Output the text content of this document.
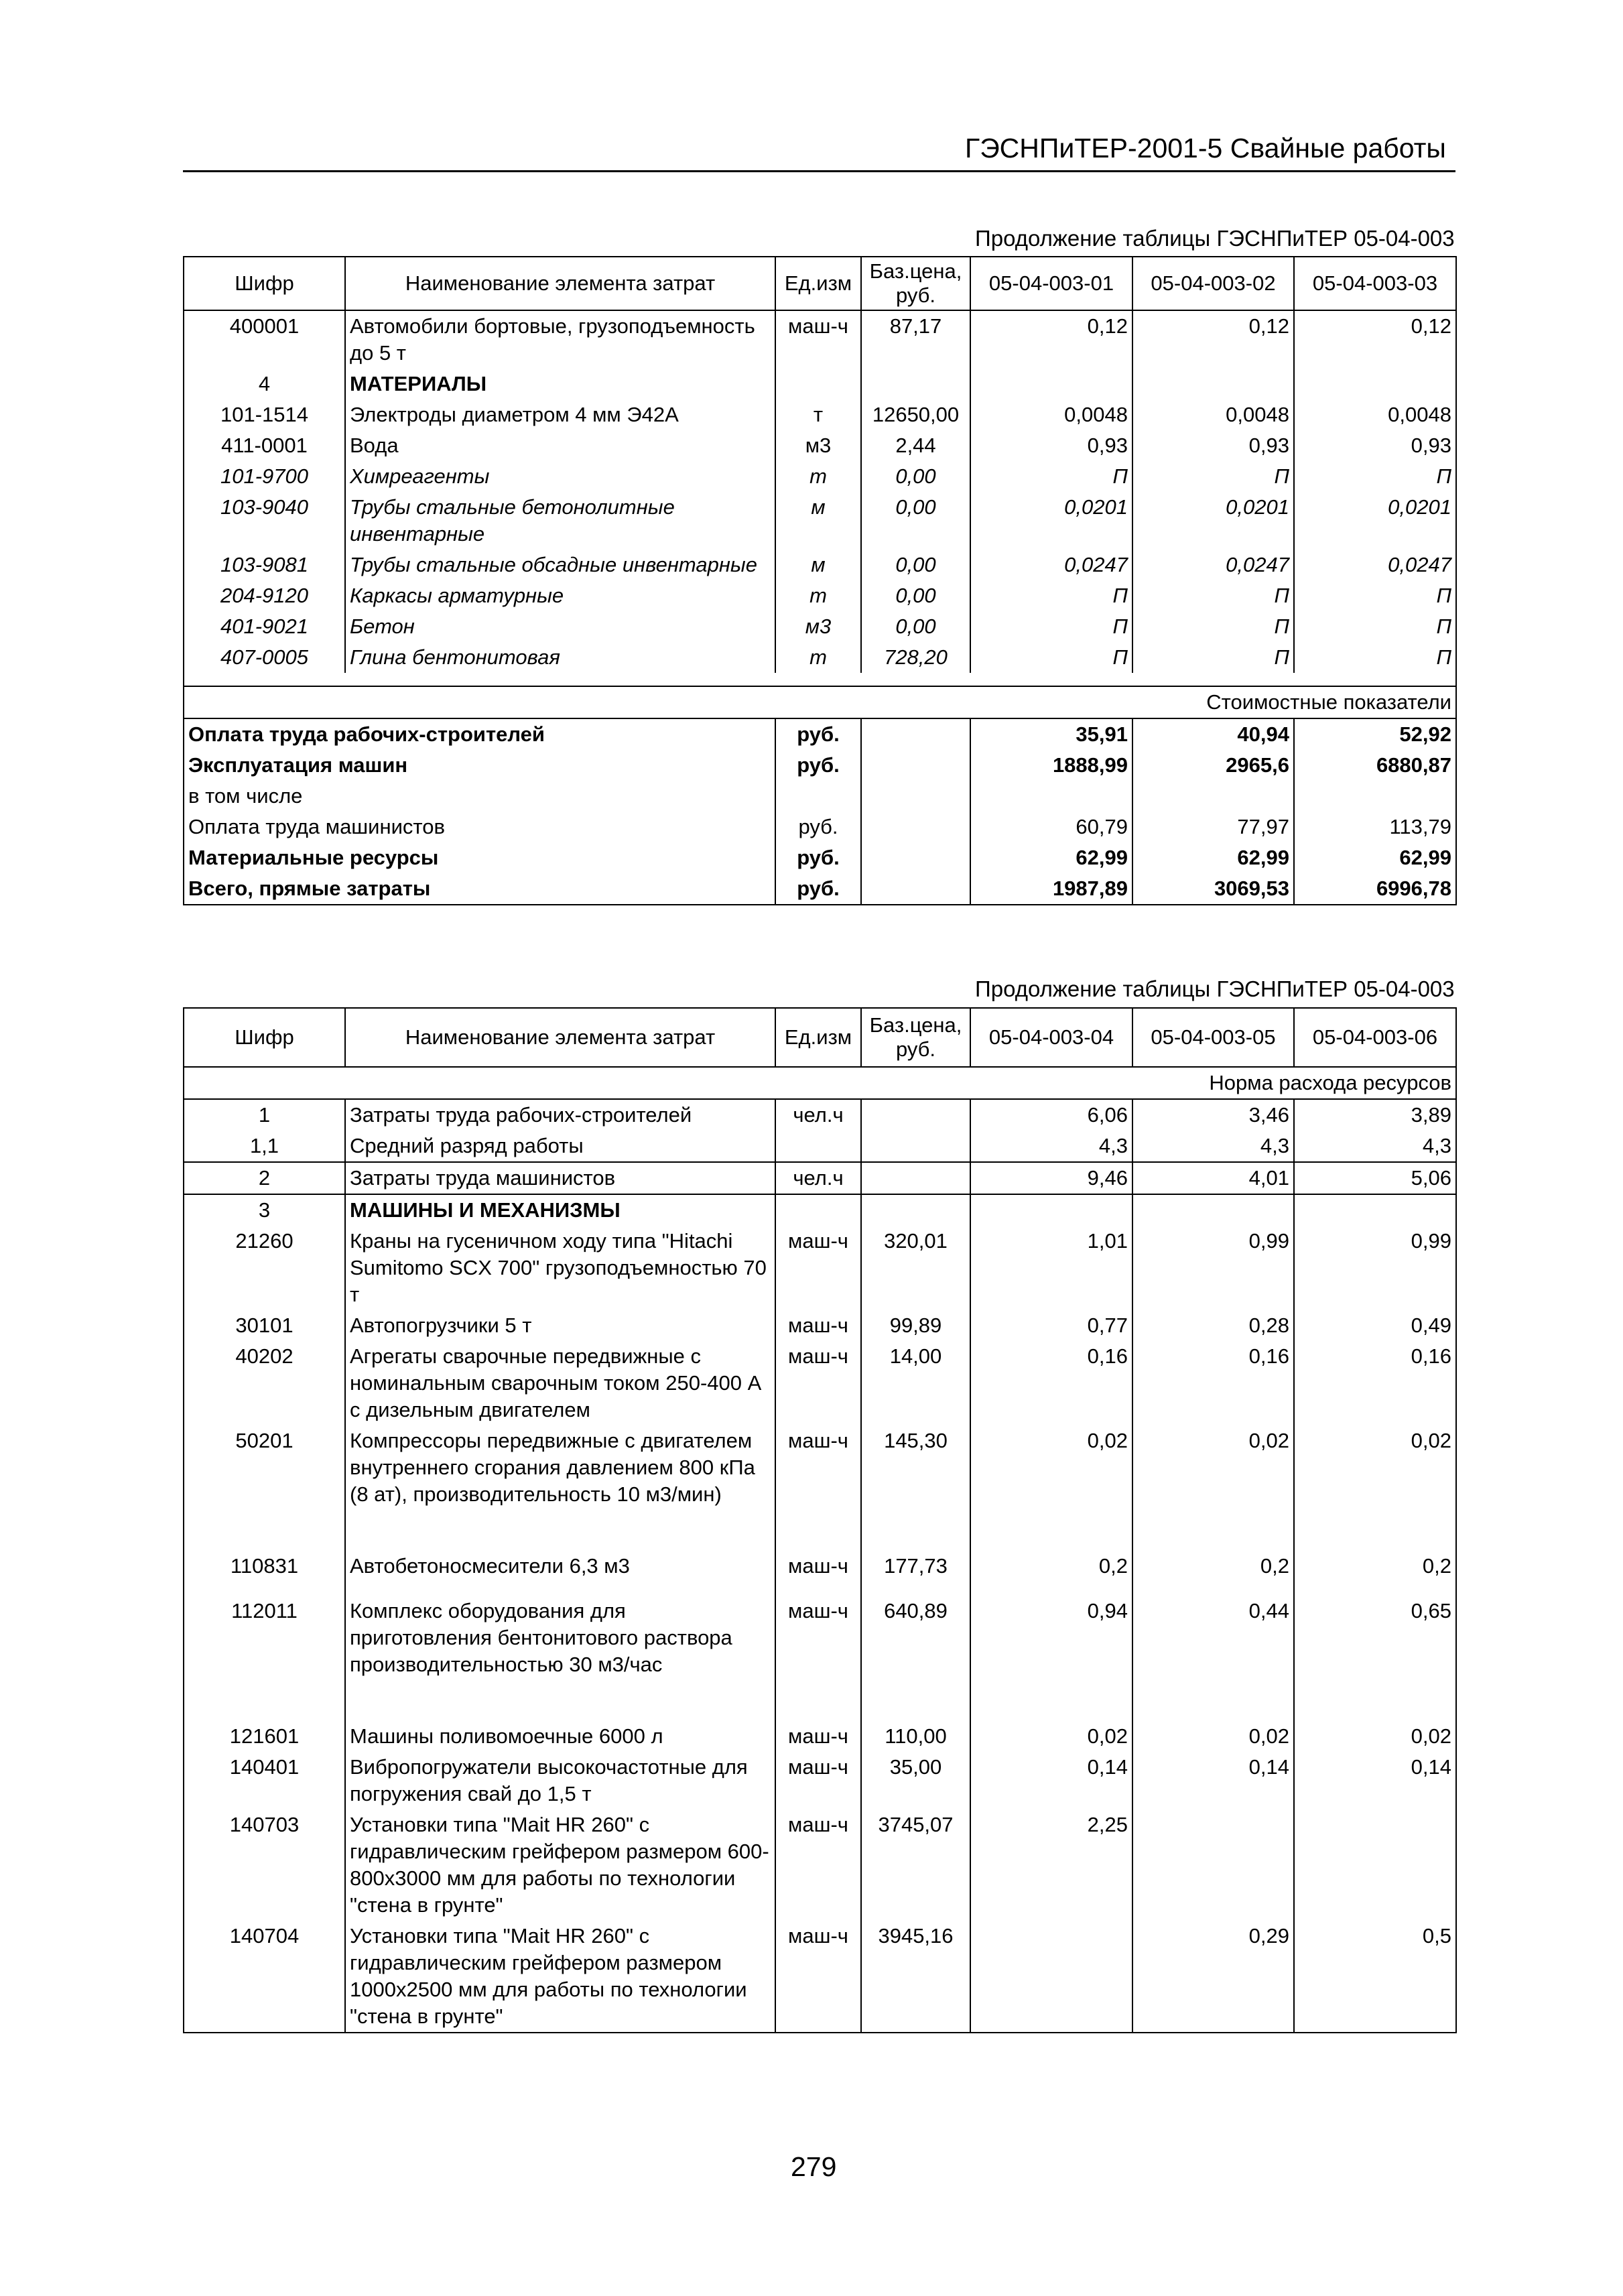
ГЭСНПиТЕР-2001-5 Свайные работы
Продолжение таблицы ГЭСНПиТЕР 05-04-003
Шифр	Наименование элемента затрат	Ед.изм	Баз.цена, руб.	05-04-003-01	05-04-003-02	05-04-003-03
400001	Автомобили бортовые, грузоподъемность до 5 т	маш-ч	87,17	0,12	0,12	0,12
4	МАТЕРИАЛЫ					
101-1514	Электроды диаметром 4 мм Э42А	т	12650,00	0,0048	0,0048	0,0048
411-0001	Вода	м3	2,44	0,93	0,93	0,93
101-9700	Химреагенты	т	0,00	П	П	П
103-9040	Трубы стальные бетонолитные инвентарные	м	0,00	0,0201	0,0201	0,0201
103-9081	Трубы стальные обсадные инвентарные	м	0,00	0,0247	0,0247	0,0247
204-9120	Каркасы арматурные	т	0,00	П	П	П
401-9021	Бетон	м3	0,00	П	П	П
407-0005	Глина бентонитовая	т	728,20	П	П	П

Стоимостные показатели						
Оплата труда рабочих-строителей		руб.		35,91	40,94	52,92
Эксплуатация машин		руб.		1888,99	2965,6	6880,87
в том числе						
Оплата труда машинистов		руб.		60,79	77,97	113,79
Материальные ресурсы		руб.		62,99	62,99	62,99
Всего, прямые затраты		руб.		1987,89	3069,53	6996,78
Продолжение таблицы ГЭСНПиТЕР 05-04-003
Шифр	Наименование элемента затрат	Ед.изм	Баз.цена, руб.	05-04-003-04	05-04-003-05	05-04-003-06
Норма расхода ресурсов						
1	Затраты труда рабочих-строителей	чел.ч		6,06	3,46	3,89
1,1	Средний разряд работы			4,3	4,3	4,3
2	Затраты труда машинистов	чел.ч		9,46	4,01	5,06
3	МАШИНЫ И МЕХАНИЗМЫ					
21260	Краны на гусеничном ходу типа "Hitachi Sumitomo SCX 700" грузоподъемностью 70 т	маш-ч	320,01	1,01	0,99	0,99
30101	Автопогрузчики 5 т	маш-ч	99,89	0,77	0,28	0,49
40202	Агрегаты сварочные передвижные с номинальным сварочным током 250-400 А с дизельным двигателем	маш-ч	14,00	0,16	0,16	0,16
50201	Компрессоры передвижные с двигателем внутреннего сгорания давлением 800 кПа (8 ат), производительность 10 м3/мин)	маш-ч	145,30	0,02	0,02	0,02
110831	Автобетоносмесители 6,3 м3	маш-ч	177,73	0,2	0,2	0,2
112011	Комплекс оборудования для приготовления бентонитового раствора производительностью 30 м3/час	маш-ч	640,89	0,94	0,44	0,65
121601	Машины поливомоечные 6000 л	маш-ч	110,00	0,02	0,02	0,02
140401	Вибропогружатели высокочастотные для погружения свай до 1,5 т	маш-ч	35,00	0,14	0,14	0,14
140703	Установки типа "Mait HR 260" с гидравлическим грейфером размером 600-800x3000 мм для работы по технологии "стена в грунте"	маш-ч	3745,07	2,25		
140704	Установки типа "Mait HR 260" с гидравлическим грейфером размером 1000x2500 мм для работы по технологии "стена в грунте"	маш-ч	3945,16		0,29	0,5
279
